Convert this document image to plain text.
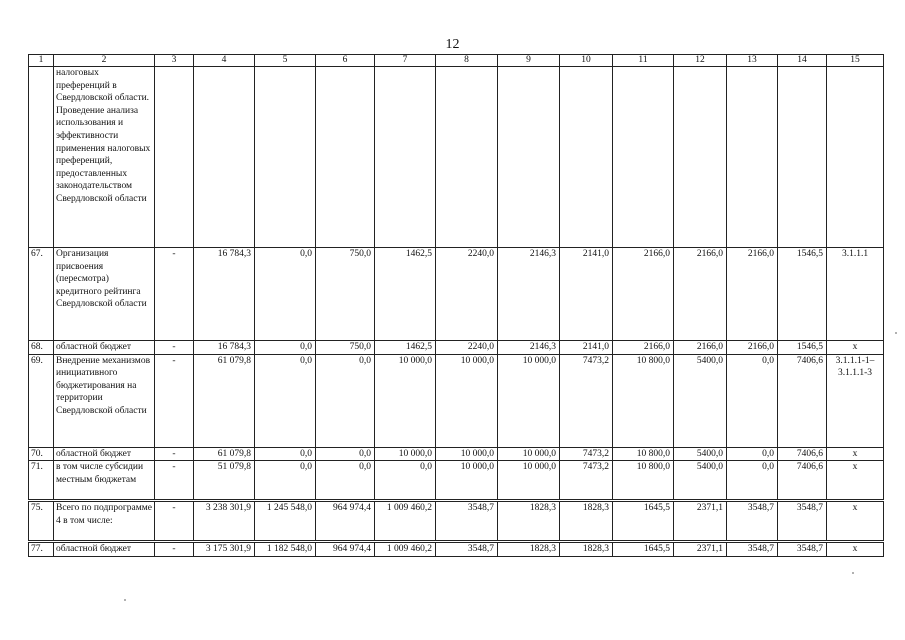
12
1	2	3	4	5	6	7	8	9	10	11	12	13	14	15
	налоговых преференций в Свердловской области. Проведение анализа использования и эффективности применения налоговых преференций, предоставленных законодательством Свердловской области													
67.	Организация присвоения (пересмотра) кредитного рейтинга Свердловской области	-	16 784,3	0,0	750,0	1462,5	2240,0	2146,3	2141,0	2166,0	2166,0	2166,0	1546,5	3.1.1.1
68.	областной бюджет	-	16 784,3	0,0	750,0	1462,5	2240,0	2146,3	2141,0	2166,0	2166,0	2166,0	1546,5	x
69.	Внедрение механизмов инициативного бюджетирования на территории Свердловской области	-	61 079,8	0,0	0,0	10 000,0	10 000,0	10 000,0	7473,2	10 800,0	5400,0	0,0	7406,6	3.1.1.1-1– 3.1.1.1-3
70.	областной бюджет	-	61 079,8	0,0	0,0	10 000,0	10 000,0	10 000,0	7473,2	10 800,0	5400,0	0,0	7406,6	x
71.	в том числе субсидии местным бюджетам	-	51 079,8	0,0	0,0	0,0	10 000,0	10 000,0	7473,2	10 800,0	5400,0	0,0	7406,6	x
75.	Всего по подпрограмме 4 в том числе:	-	3 238 301,9	1 245 548,0	964 974,4	1 009 460,2	3548,7	1828,3	1828,3	1645,5	2371,1	3548,7	3548,7	x
77.	областной бюджет	-	3 175 301,9	1 182 548,0	964 974,4	1 009 460,2	3548,7	1828,3	1828,3	1645,5	2371,1	3548,7	3548,7	x
